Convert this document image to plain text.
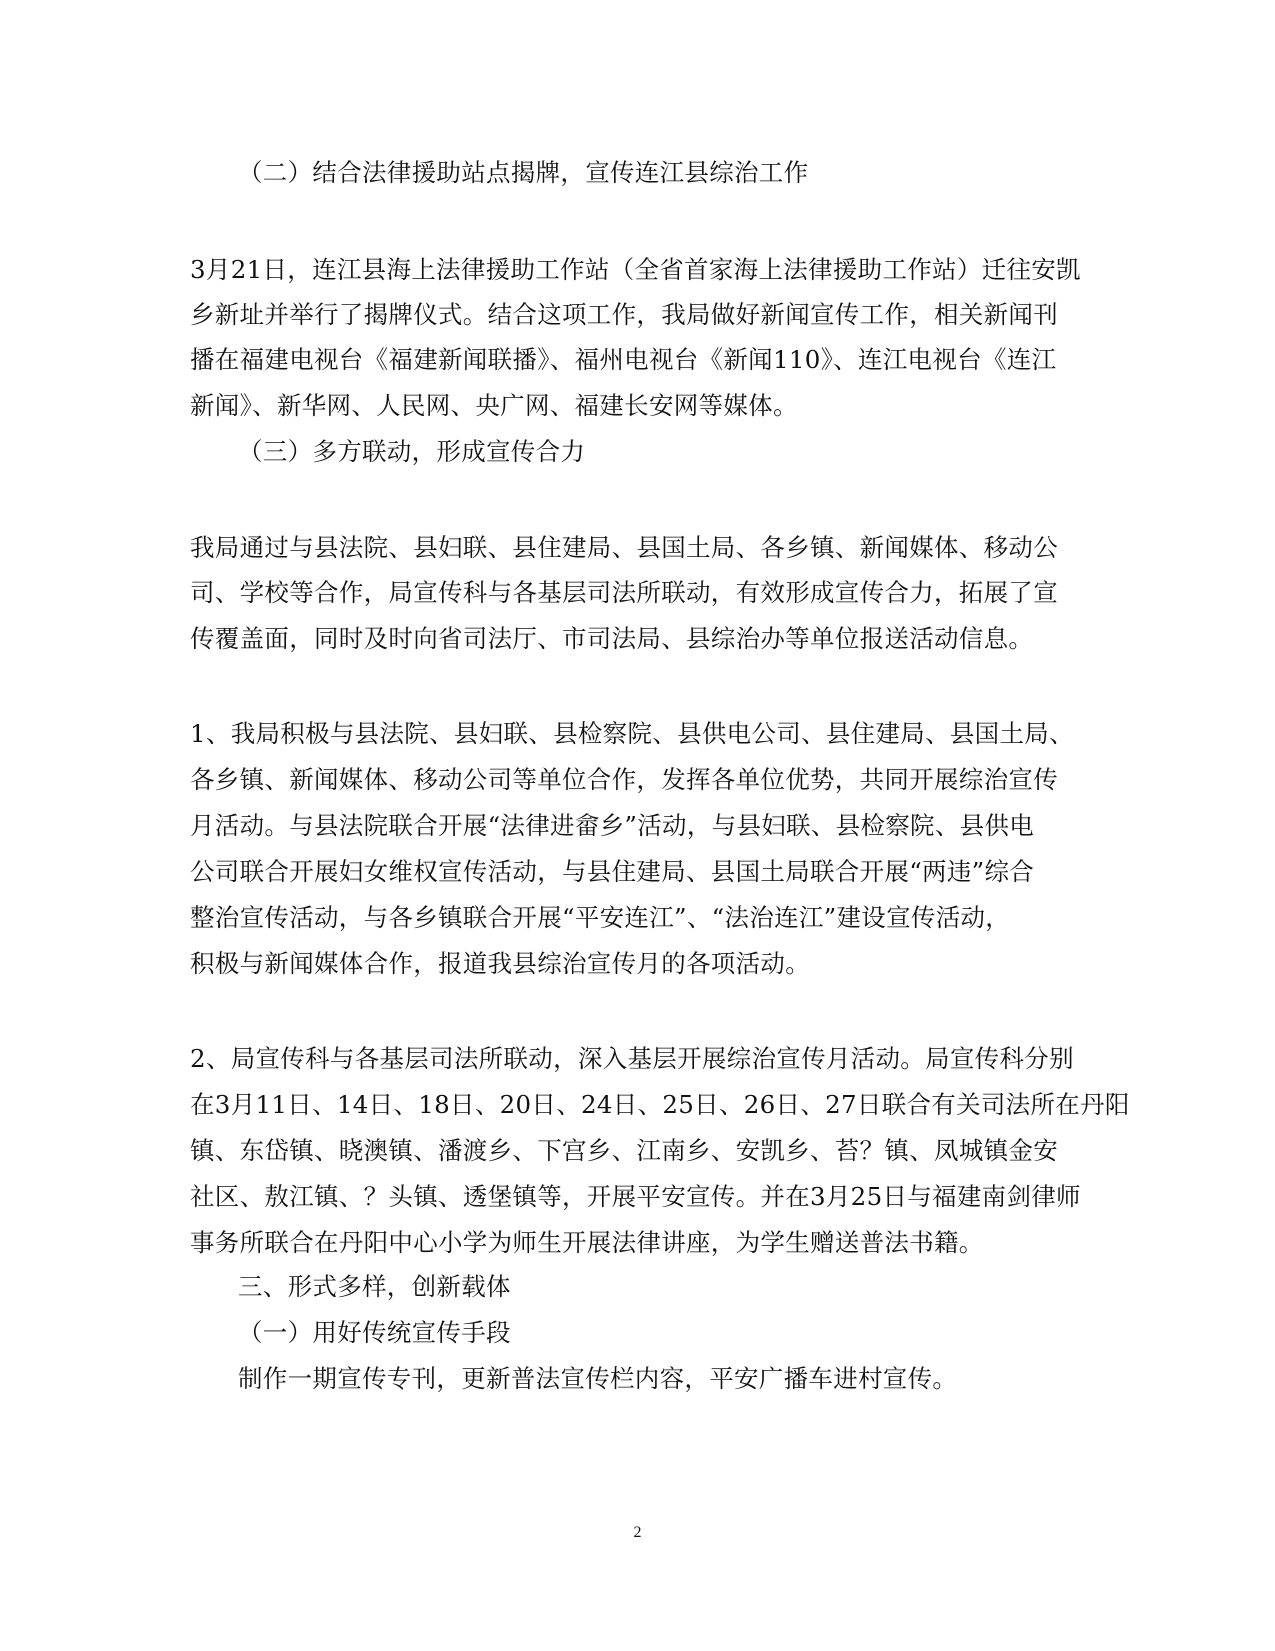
（二）结合法律援助站点揭牌，宣传连江县综治工作
3月21日，连江县海上法律援助工作站（全省首家海上法律援助工作站）迁往安凯
乡新址并举行了揭牌仪式。结合这项工作，我局做好新闻宣传工作，相关新闻刊
播在福建电视台《福建新闻联播》、福州电视台《新闻110》、连江电视台《连江
新闻》、新华网、人民网、央广网、福建长安网等媒体。
（三）多方联动，形成宣传合力
我局通过与县法院、县妇联、县住建局、县国土局、各乡镇、新闻媒体、移动公
司、学校等合作，局宣传科与各基层司法所联动，有效形成宣传合力，拓展了宣
传覆盖面，同时及时向省司法厅、市司法局、县综治办等单位报送活动信息。
1、我局积极与县法院、县妇联、县检察院、县供电公司、县住建局、县国土局、
各乡镇、新闻媒体、移动公司等单位合作，发挥各单位优势，共同开展综治宣传
月活动。与县法院联合开展“法律进畲乡”活动，与县妇联、县检察院、县供电
公司联合开展妇女维权宣传活动，与县住建局、县国土局联合开展“两违”综合
整治宣传活动，与各乡镇联合开展“平安连江”、“法治连江”建设宣传活动，
积极与新闻媒体合作，报道我县综治宣传月的各项活动。
2、局宣传科与各基层司法所联动，深入基层开展综治宣传月活动。局宣传科分别
在3月11日、14日、18日、20日、24日、25日、26日、27日联合有关司法所在丹阳
镇、东岱镇、晓澳镇、潘渡乡、下宫乡、江南乡、安凯乡、苔？镇、凤城镇金安
社区、敖江镇、？头镇、透堡镇等，开展平安宣传。并在3月25日与福建南剑律师
事务所联合在丹阳中心小学为师生开展法律讲座，为学生赠送普法书籍。
三、形式多样，创新载体
（一）用好传统宣传手段
制作一期宣传专刊，更新普法宣传栏内容，平安广播车进村宣传。
2
